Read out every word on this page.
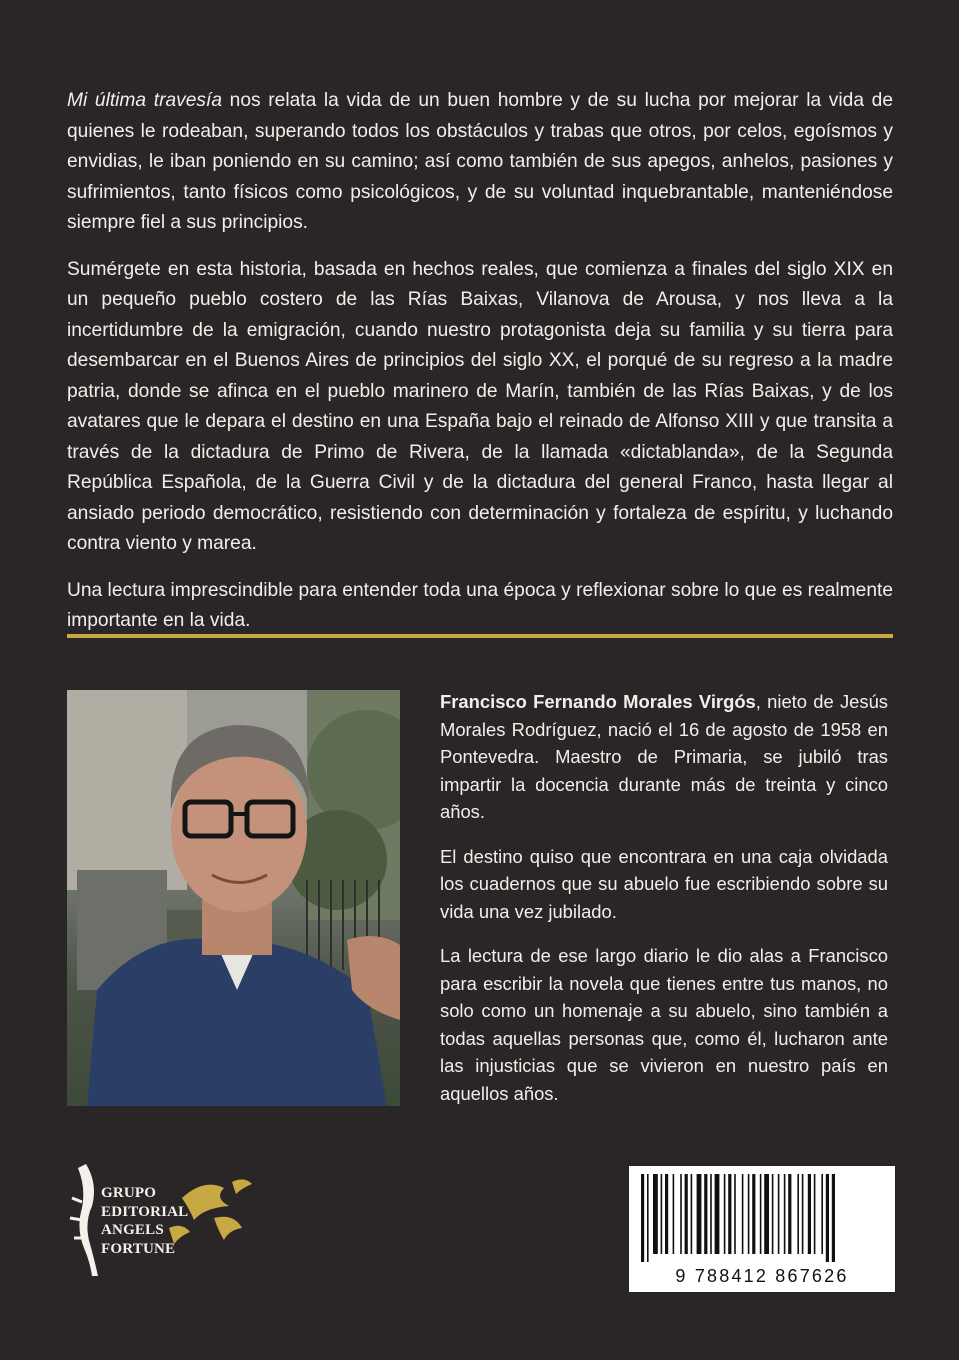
Mi última travesía nos relata la vida de un buen hombre y de su lucha por mejorar la vida de quienes le rodeaban, superando todos los obstáculos y trabas que otros, por celos, egoísmos y envidias, le iban poniendo en su camino; así como también de sus apegos, anhelos, pasiones y sufrimientos, tanto físicos como psicológicos, y de su voluntad inquebrantable, manteniéndose siempre fiel a sus principios.

Sumérgete en esta historia, basada en hechos reales, que comienza a finales del siglo XIX en un pequeño pueblo costero de las Rías Baixas, Vilanova de Arousa, y nos lleva a la incertidumbre de la emigración, cuando nuestro protagonista deja su familia y su tierra para desembarcar en el Buenos Aires de principios del siglo XX, el porqué de su regreso a la madre patria, donde se afinca en el pueblo marinero de Marín, también de las Rías Baixas, y de los avatares que le depara el destino en una España bajo el reinado de Alfonso XIII y que transita a través de la dictadura de Primo de Rivera, de la llamada «dictablanda», de la Segunda República Española, de la Guerra Civil y de la dictadura del general Franco, hasta llegar al ansiado periodo democrático, resistiendo con determinación y fortaleza de espíritu, y luchando contra viento y marea.

Una lectura imprescindible para entender toda una época y reflexionar sobre lo que es realmente importante en la vida.

Francisco Fernando Morales Virgós, nieto de Jesús Morales Rodríguez, nació el 16 de agosto de 1958 en Pontevedra. Maestro de Primaria, se jubiló tras impartir la docencia durante más de treinta y cinco años.

El destino quiso que encontrara en una caja olvidada los cuadernos que su abuelo fue escribiendo sobre su vida una vez jubilado.

La lectura de ese largo diario le dio alas a Francisco para escribir la novela que tienes entre tus manos, no solo como un homenaje a su abuelo, sino también a todas aquellas personas que, como él, lucharon ante las injusticias que se vivieron en nuestro país en aquellos años.

GRUPO
EDITORIAL
ANGELS
FORTUNE
9 788412 867626
